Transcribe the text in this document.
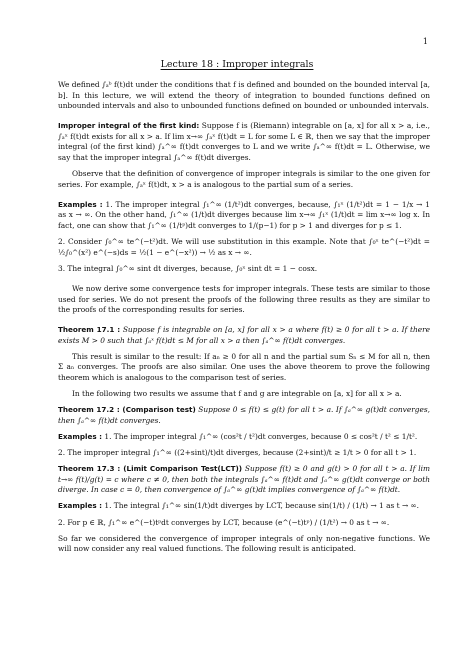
1
Lecture 18 : Improper integrals

We defined ∫ₐᵇ f(t)dt under the conditions that f is defined and bounded on the bounded interval [a, b]. In this lecture, we will extend the theory of integration to bounded functions defined on unbounded intervals and also to unbounded functions defined on bounded or unbounded intervals.

Improper integral of the first kind: Suppose f is (Riemann) integrable on [a, x] for all x > a, i.e., ∫ₐˣ f(t)dt exists for all x > a. If lim x→∞ ∫ₐˣ f(t)dt = L for some L ∈ ℝ, then we say that the improper integral (of the first kind) ∫ₐ^∞ f(t)dt converges to L and we write ∫ₐ^∞ f(t)dt = L. Otherwise, we say that the improper integral ∫ₐ^∞ f(t)dt diverges.

Observe that the definition of convergence of improper integrals is similar to the one given for series. For example, ∫ₐˣ f(t)dt, x > a is analogous to the partial sum of a series.

Examples : 1. The improper integral ∫₁^∞ (1/t²)dt converges, because, ∫₁ˣ (1/t²)dt = 1 − 1/x → 1 as x → ∞. On the other hand, ∫₁^∞ (1/t)dt diverges because lim x→∞ ∫₁ˣ (1/t)dt = lim x→∞ log x. In fact, one can show that ∫₁^∞ (1/tᵖ)dt converges to 1/(p−1) for p > 1 and diverges for p ≤ 1.

2. Consider ∫₀^∞ te^(−t²)dt. We will use substitution in this example. Note that ∫₀ˣ te^(−t²)dt = ½∫₀^(x²) e^(−s)ds = ½(1 − e^(−x²)) → ½ as x → ∞.

3. The integral ∫₀^∞ sint dt diverges, because, ∫₀ˣ sint dt = 1 − cosx.

We now derive some convergence tests for improper integrals. These tests are similar to those used for series. We do not present the proofs of the following three results as they are similar to the proofs of the corresponding results for series.

Theorem 17.1 : Suppose f is integrable on [a, x] for all x > a where f(t) ≥ 0 for all t > a. If there exists M > 0 such that ∫ₐˣ f(t)dt ≤ M for all x > a then ∫ₐ^∞ f(t)dt converges.

This result is similar to the result: If aₙ ≥ 0 for all n and the partial sum Sₙ ≤ M for all n, then Σ aₙ converges. The proofs are also similar. One uses the above theorem to prove the following theorem which is analogous to the comparison test of series.

In the following two results we assume that f and g are integrable on [a, x] for all x > a.

Theorem 17.2 : (Comparison test) Suppose 0 ≤ f(t) ≤ g(t) for all t > a. If ∫ₐ^∞ g(t)dt converges, then ∫ₐ^∞ f(t)dt converges.

Examples : 1. The improper integral ∫₁^∞ (cos²t / t²)dt converges, because 0 ≤ cos²t / t² ≤ 1/t².

2. The improper integral ∫₁^∞ ((2+sint)/t)dt diverges, because (2+sint)/t ≥ 1/t > 0 for all t > 1.

Theorem 17.3 : (Limit Comparison Test(LCT)) Suppose f(t) ≥ 0 and g(t) > 0 for all t > a. If lim t→∞ f(t)/g(t) = c where c ≠ 0, then both the integrals ∫ₐ^∞ f(t)dt and ∫ₐ^∞ g(t)dt converge or both diverge. In case c = 0, then convergence of ∫ₐ^∞ g(t)dt implies convergence of ∫ₐ^∞ f(t)dt.

Examples : 1. The integral ∫₁^∞ sin(1/t)dt diverges by LCT, because sin(1/t) / (1/t) → 1 as t → ∞.

2. For p ∈ ℝ, ∫₁^∞ e^(−t)tᵖdt converges by LCT, because (e^(−t)tᵖ) / (1/t²) → 0 as t → ∞.

So far we considered the convergence of improper integrals of only non-negative functions. We will now consider any real valued functions. The following result is anticipated.
